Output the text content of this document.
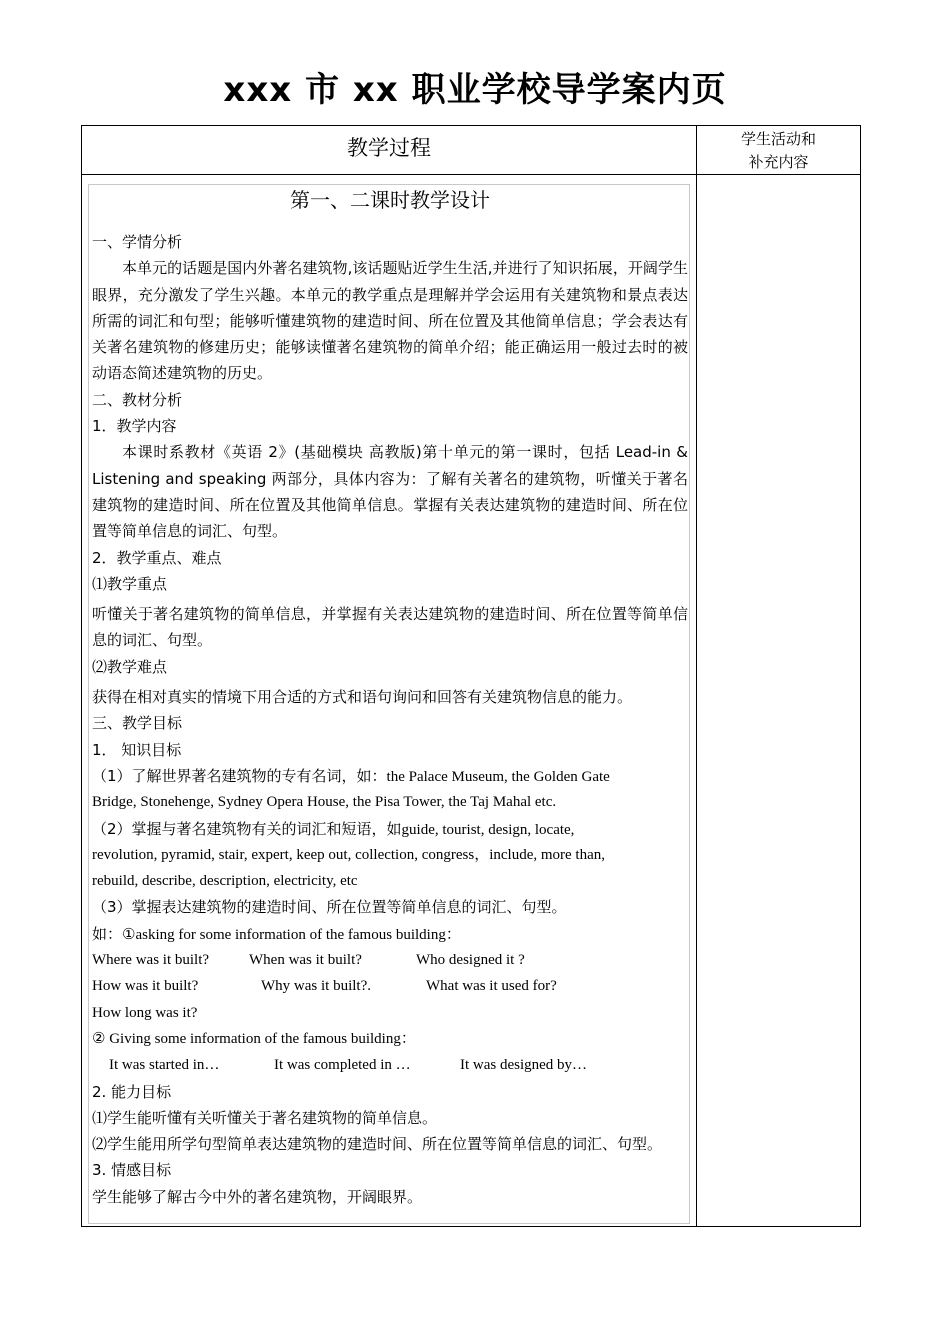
xxx 市 xx 职业学校导学案内页
教学过程	学生活动和
补充内容
第一、二课时教学设计
一、学情分析
本单元的话题是国内外著名建筑物,该话题贴近学生生活,并进行了知识拓展，开阔学生眼界，充分激发了学生兴趣。本单元的教学重点是理解并学会运用有关建筑物和景点表达所需的词汇和句型；能够听懂建筑物的建造时间、所在位置及其他简单信息；学会表达有关著名建筑物的修建历史；能够读懂著名建筑物的简单介绍；能正确运用一般过去时的被动语态简述建筑物的历史。
二、教材分析
1．教学内容
本课时系教材《英语 2》(基础模块 高教版)第十单元的第一课时，包括 Lead-in & Listening and speaking 两部分，具体内容为：了解有关著名的建筑物，听懂关于著名建筑物的建造时间、所在位置及其他简单信息。掌握有关表达建筑物的建造时间、所在位置等简单信息的词汇、句型。
2．教学重点、难点
⑴教学重点
听懂关于著名建筑物的简单信息，并掌握有关表达建筑物的建造时间、所在位置等简单信息的词汇、句型。
⑵教学难点
获得在相对真实的情境下用合适的方式和语句询问和回答有关建筑物信息的能力。
三、教学目标
1． 知识目标
（1）了解世界著名建筑物的专有名词，如：the Palace Museum, the Golden Gate
Bridge, Stonehenge, Sydney Opera House, the Pisa Tower, the Taj Mahal etc.
（2）掌握与著名建筑物有关的词汇和短语，如guide, tourist, design, locate,
revolution, pyramid, stair, expert, keep out, collection, congress，include, more than,
rebuild, describe, description, electricity, etc
（3）掌握表达建筑物的建造时间、所在位置等简单信息的词汇、句型。
如：①asking for some information of the famous building：
Where was it built?	When was it built?	Who designed it ?
How was it built?	Why was it built?.	What was it used for?
How long was it?
② Giving some information of the famous building：
It was started in…	It was completed in …	It was designed by…
2. 能力目标
⑴学生能听懂有关听懂关于著名建筑物的简单信息。
⑵学生能用所学句型简单表达建筑物的建造时间、所在位置等简单信息的词汇、句型。
3. 情感目标
学生能够了解古今中外的著名建筑物，开阔眼界。
